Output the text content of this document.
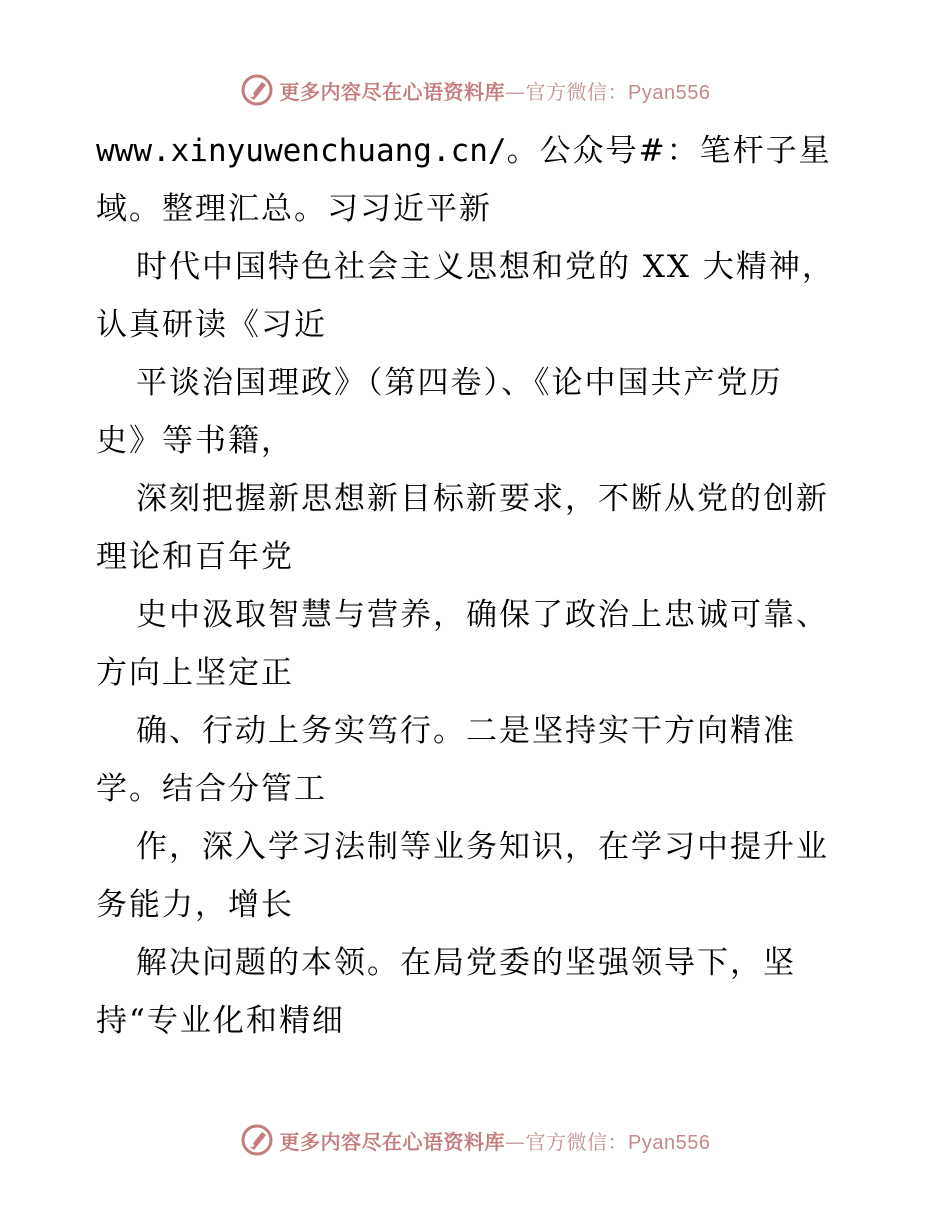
更多内容尽在心语资料库—官方微信：Pyan556
www.xinyuwenchuang.cn/。公众号#：笔杆子星
域。整理汇总。习习近平新
时代中国特色社会主义思想和党的 XX 大精神，
认真研读《习近
平谈治国理政》（第四卷）、《论中国共产党历
史》等书籍，
深刻把握新思想新目标新要求，不断从党的创新
理论和百年党
史中汲取智慧与营养，确保了政治上忠诚可靠、
方向上坚定正
确、行动上务实笃行。二是坚持实干方向精准
学。结合分管工
作，深入学习法制等业务知识，在学习中提升业
务能力，增长
解决问题的本领。在局党委的坚强领导下，坚
持“专业化和精细
更多内容尽在心语资料库—官方微信：Pyan556
